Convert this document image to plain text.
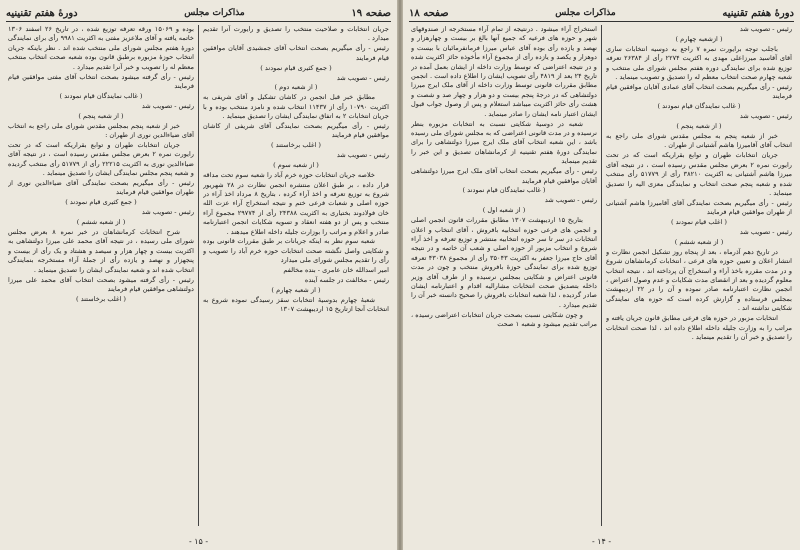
صفحه ۱۹
مذاکرات مجلس
دورهٔ هفتم تقنینیه
جریان انتخابات و صلاحیت منتخب را تصدیق و رایورت آنرا تقدیم میدارد .
رئیس - رأی میگیریم بصحت انتخاب آقای جمشیدی آقایان موافقین قیام فرمایند
( جمع کثیری قیام نمودند )
رئیس - تصویب شد
( از شعبه دوم )
مطابق خبر قبل انجمن در کاشان تشکیل و آقای شریفی به اکثریت ۱۰۷۹۰ رأی از ۱۱۴۳۷ انتخاب شده و نامزد منتخب بوده و با جریان انتخابات ۲ به اتفاق نمایندگی ایشان را تصدیق مینماید .
رئیس - رأی میگیریم بصحت نمایندگی آقای شریفی از کاشان موافقین قیام فرمایند
( اغلب برخاستند )
رئیس - تصویب شد
( از شعبه سوم )
خلاصه جریان انتخابات حوزه خرم آباد را شعبه سوم تحت مداقه قرار داده ، بر طبق اعلان منتشره انجمن نظارت در ۲۸ شهریور شروع به توزیع تعرفه و اخذ آراء کرده ، بتاریخ ۸ مرداد اخذ آراء در حوزه اصلی و شعبات فرعی ختم و نتیجه استخراج آراء عزت الله خان فولادوند بختیاری به اکثریت ۲۴۳۸۸ رأی از ۲۹۷۷۴ مجموع آراء منتخب و پس از دو هفته انعقاد و تسویه شکایات انجمن اعتبارنامه صادر و اعلام و مراتب را بوزارت جلیله داخله اطلاع میدهند .
شعبه سوم نظر به اینکه جریانات بر طبق مقررات قانونی بوده و شکایتی واصل نگشته صحت انتخابات حوزه خرم آباد را تصویب و رأی را تقدیم مجلس شورای ملی میدارد
امیر اسدالله خان عامری - بنده مخالفم
رئیس - مخالفت در جلسه آینده
( از شعبه چهارم )
شعبهٔ چهارم بدوسیهٔ انتخابات سقز رسیدگی نموده شروع به انتخابات آنجا ازتاریخ ۱۵ اردیبهشت ۱۳۰۷
بوده و ۱۵۰۶۹ ورقه تعرفه توزیع شده ، در تاریخ ۲۶ اسفند ۱۳۰۶ خاتمه یافته و آقای ملاعزیز مفتی به اکثریت ۹۹۸۱ رأی برای نمایندگی دورهٔ هفتم مجلس شورای ملی منتخب شده اند . نظر باینکه جریان انتخاب حوزهٔ مزبوره برطبق قانون بوده شعبه صحت انتخاب منتخب معظم له را تصویب و خبر آنرا تقدیم میدارد .
رئیس - رأی گرفته میشود بصحت انتخاب آقای مفتی موافقین قیام فرمایند
( غالب نمایندگان قیام نمودند )
رئیس - تصویب شد
( از شعبه پنجم )
خبر از شعبه پنجم بمجلس مقدس شورای ملی راجع به انتخاب آقای ضیاءالدین نوری از طهران :
جریان انتخابات طهران و توابع بقراریکه است که در تحت رایورت نمره ۲ بعرض مجلس مقدس رسیده است ، در نتیجه آقای ضیاءالدین نوری به اکثریت ۲۲۲۱۵ رأی از ۵۱۷۷۹ رأی منتخب گردیده و شعبه پنجم مجلس نمایندگی ایشان را تصدیق مینماید .
رئیس - رأی میگیریم بصحت نمایندگی آقای ضیاءالدین نوری از طهران موافقین قیام فرمایند
( جمع کثیری قیام نمودند )
رئیس - تصویب شد
( از شعبه ششم )
شرح انتخابات کرمانشاهان در خبر نمره ۸ بعرض مجلس شورای ملی رسیده ، در نتیجه آقای محمد علی میرزا دولتشاهی به اکثریت بیست و چهار هزار و سیصد و هشتاد و یک رأی از بیست و پنجهزار و نهصد و یازده رأی از جملهٔ آراء مستخرجه بنمایندگی انتخاب شده اند و شعبه نمایندگی ایشان را تصدیق مینماید .
رئیس - رأی گرفته میشود بصحت انتخاب آقای محمد علی میرزا دولتشاهی موافقین قیام فرمایند
( اغلب برخاستند )
- ۱۵ -
دورهٔ هفتم تقنینیه
مذاکرات مجلس
صفحه ۱۸
رئیس - تصویب شد
( ازشعبه چهارم )
باجلب توجه برایورت نمره ۷ راجع به دوسیه انتخابات ساری آقای آقاسید میرزاعلی مهدی به اکثریت ۲۲۷۴ رأی از ۲۶۳۸۴ تعرفه توزیع شده برای نمایندگی دوره هفتم مجلس شورای ملی منتخب و شعبه چهارم صحت انتخاب معظم له را تصدیق و تصویب مینماید .
رئیس - رأی میگیریم بصحت انتخاب آقای عمادی آقایان موافقین قیام فرمایند
( غالب نمایندگان قیام نمودند )
رئیس - تصویب شد
( از شعبه پنجم )
خبر از شعبه پنجم به مجلس مقدس شورای ملی راجع به انتخاب آقای آقامیرزا هاشم آشتیانی از طهران .
جریان انتخابات طهران و توابع بقراریکه است که در تحت رایورت نمره ۲ بعرض مجلس مقدس رسیده است ، در نتیجه آقای میرزا هاشم آشتیانی به اکثریت ۳۸۲۱۰ رأی از ۵۱۷۷۹ رأی منتخب شده و شعبه پنجم صحت انتخاب و نمایندگی معزی الیه را تصدیق مینماید .
رئیس - رأی میگیریم بصحت نمایندگی آقای آقامیرزا هاشم آشتیانی از طهران موافقین قیام فرمایند
( اغلب قیام نمودند )
رئیس - تصویب شد
( از شعبه ششم )
در تاریخ دهم آذرماه ، بعد از پنجاه روز تشکیل انجمن نظارت و انتشار اعلان و تعیین حوزه های فرعی ، انتخابات کرمانشاهان شروع و در مدت مقرره باخذ آراء و استخراج آن پرداخته اند ، نتیجه انتخاب معلوم گردیده و بعد از انقضای مدت شکایات و عدم وصول اعتراض ، انجمن نظارت اعتبارنامه صادر نموده و آن را در ۲۲ اردیبهشت بمجلس فرستاده و گزارش کرده است که حوزه های نمایندگی شکایتی نداشته اند .
انتخابات مزبور در حوزه های فرعی مطابق قانون جریان یافته و مراتب را به وزارت جلیله داخله اطلاع داده اند ، لذا صحت انتخابات را تصدیق و خبر آن را تقدیم مینماید .
استخراج آراء میشود . درنتیجه از تمام آراء مستخرجه از صندوقهای شهر و حوزه های فرعیه که جمیع آنها بالغ بر بیست و چهارهزار و نهصد و یازده رأی بوده آقای عباس میرزا فرمانفرمائیان با بیست و دوهزار و یکصد و یازده رأی از مجموع آراء مأخوذه حائز اکثریت شده و در نتیجه اعتراضی که توسط وزارت داخله از ایشان بعمل آمده در تاریخ ۲۴ بعد از ۴۸۱۹ رأی تصویب ایشان را اطلاع داده است . انجمن مطابق مقررات قانونی توسط وزارت داخله از آقای ملک ایرج میرزا دولتشاهی که در درجهٔ پنجم بیست و دو هزار و چهار صد و شصت و هشت رأی حائز اکثریت میباشد استعلام و پس از وصول جواب قبول ایشان اعتبار نامه ایشان را صادر مینماید .
شعبه در دوسیهٔ شکایتی نسبت به انتخابات مزبوره بنظر نرسیده و در مدت قانونی اعتراضی که به مجلس شورای ملی رسیده باشد ، این شعبه انتخاب آقای ملک ایرج میرزا دولتشاهی را برای نمایندگی دورهٔ هفتم تقنینیه از کرمانشاهان تصدیق و این خبر را تقدیم مینماید
رئیس - رأی میگیریم بصحت انتخاب آقای ملک ایرج میرزا دولتشاهی آقایان موافقین قیام فرمایند
( غالب نمایندگان قیام نمودند )
رئیس - تصویب شد
( از شعبه اول )
بتاریخ ۱۵ اردیبهشت ۱۳۰۷ مطابق مقررات قانون انجمن اصلی و انجمن های فرعی حوزه انتخابیه بافروش ، آقای انتخاب و اعلان انتخابات در سر تا سر حوزه انتخابیه منتشر و توزیع تعرفه و اخذ آراء شروع و انتخاب مزبور از حوزه اصلی و شعب آن خاتمه و در نتیجه آقای حاج میرزا جعفر به اکثریت ۳۵۰۴۳ رأی از مجموع ۴۳۰۳۸ تعرفه توزیع شده برای نمایندگی حوزهٔ بافروش منتخب و چون در مدت قانونی اعتراض و شکایتی بمجلس نرسیده و از طرف آقای وزیر داخله بتصدیق صحت انتخابات مشارالیه اقدام و اعتبارنامه ایشان صادر گردیده ، لذا شعبه انتخابات بافروش را صحیح دانسته خبر آن را تقدیم میدارد .
و چون شکایتی نسبت بصحت جریان انتخابات اعتراضی رسیده ، مراتب تقدیم میشود و شعبه ۱ صحت
- ۱۴ -
